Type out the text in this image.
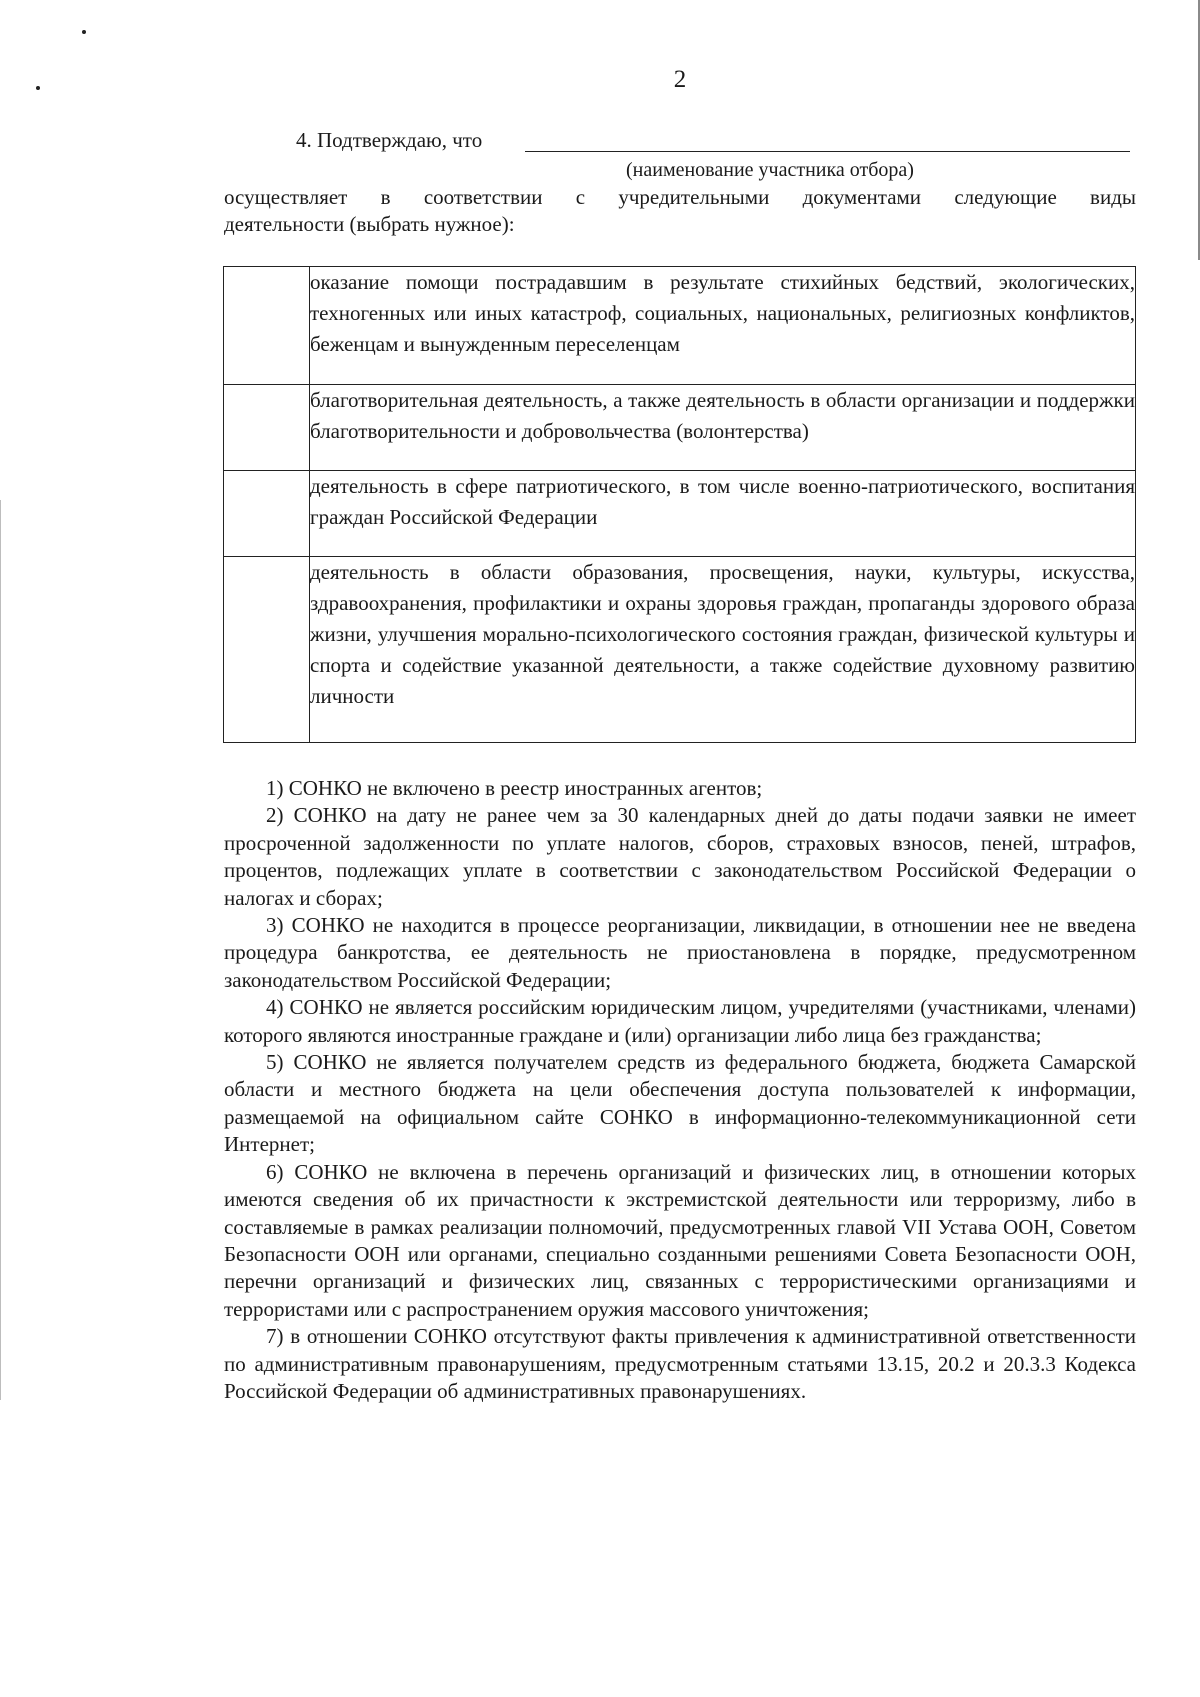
2
4. Подтверждаю, что
(наименование участника отбора)
осуществляет в соответствии с учредительными документами следующие виды
деятельности (выбрать нужное):
	оказание помощи пострадавшим в результате стихийных бедствий, экологических, техногенных или иных катастроф, социальных, национальных, религиозных конфликтов, беженцам и вынужденным переселенцам
	благотворительная деятельность, а также деятельность в области организации и поддержки благотворительности и добровольчества (волонтерства)
	деятельность в сфере патриотического, в том числе военно-патриотического, воспитания граждан Российской Федерации
	деятельность в области образования, просвещения, науки, культуры, искусства, здравоохранения, профилактики и охраны здоровья граждан, пропаганды здорового образа жизни, улучшения морально-психологического состояния граждан, физической культуры и спорта и содействие указанной деятельности, а также содействие духовному развитию личности

1) СОНКО не включено в реестр иностранных агентов;

2) СОНКО на дату не ранее чем за 30 календарных дней до даты подачи заявки не имеет просроченной задолженности по уплате налогов, сборов, страховых взносов, пеней, штрафов, процентов, подлежащих уплате в соответствии с законодательством Российской Федерации о налогах и сборах;

3) СОНКО не находится в процессе реорганизации, ликвидации, в отношении нее не введена процедура банкротства, ее деятельность не приостановлена в порядке, предусмотренном законодательством Российской Федерации;

4) СОНКО не является российским юридическим лицом, учредителями (участниками, членами) которого являются иностранные граждане и (или) организации либо лица без гражданства;

5) СОНКО не является получателем средств из федерального бюджета, бюджета Самарской области и местного бюджета на цели обеспечения доступа пользователей к информации, размещаемой на официальном сайте СОНКО в информационно-телекоммуникационной сети Интернет;

6) СОНКО не включена в перечень организаций и физических лиц, в отношении которых имеются сведения об их причастности к экстремистской деятельности или терроризму, либо в составляемые в рамках реализации полномочий, предусмотренных главой VII Устава ООН, Советом Безопасности ООН или органами, специально созданными решениями Совета Безопасности ООН, перечни организаций и физических лиц, связанных с террористическими организациями и террористами или с распространением оружия массового уничтожения;

7) в отношении СОНКО отсутствуют факты привлечения к административной ответственности по административным правонарушениям, предусмотренным статьями 13.15, 20.2 и 20.3.3 Кодекса Российской Федерации об административных правонарушениях.
